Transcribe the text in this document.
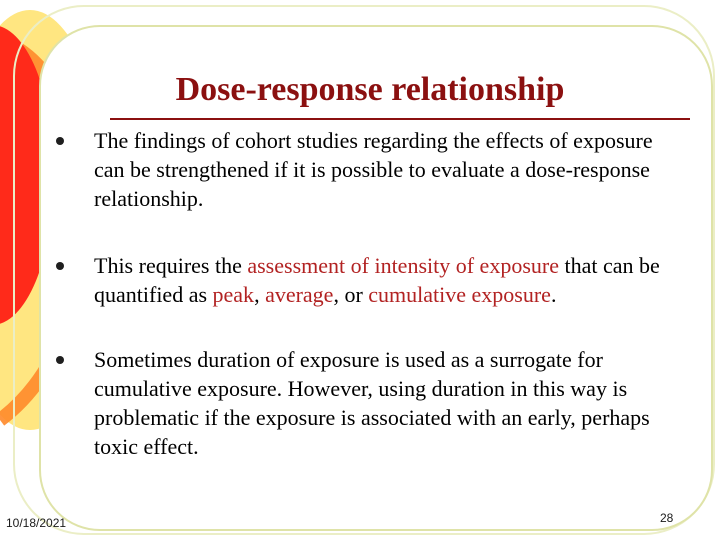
Dose-response relationship
The findings of cohort studies regarding the effects of exposure can be strengthened if it is possible to evaluate a dose-response relationship.
This requires the assessment of intensity of exposure that can be quantified as peak, average, or cumulative exposure.
Sometimes duration of exposure is used as a surrogate for cumulative exposure. However, using duration in this way is problematic if the exposure is associated with an early, perhaps toxic effect.
10/18/2021	28
